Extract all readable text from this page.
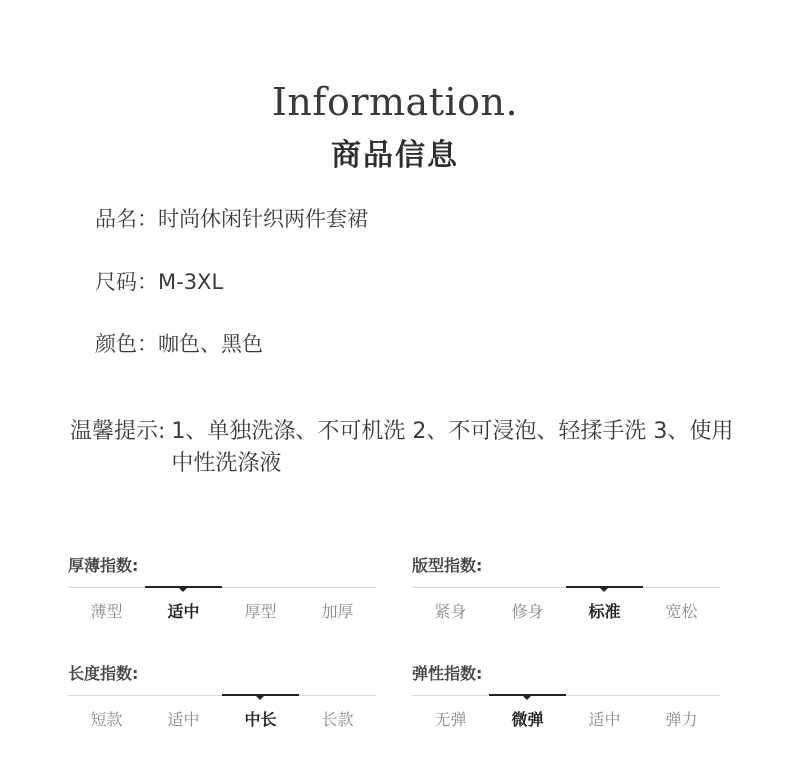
Information.
商品信息
品名：时尚休闲针织两件套裙
尺码：M-3XL
颜色：咖色、黑色
温馨提示: 1、单独洗涤、不可机洗 2、不可浸泡、轻揉手洗 3、使用中性洗涤液
厚薄指数:
薄型	适中	厚型	加厚
版型指数:
紧身	修身	标准	宽松
长度指数:
短款	适中	中长	长款
弹性指数:
无弹	微弹	适中	弹力
